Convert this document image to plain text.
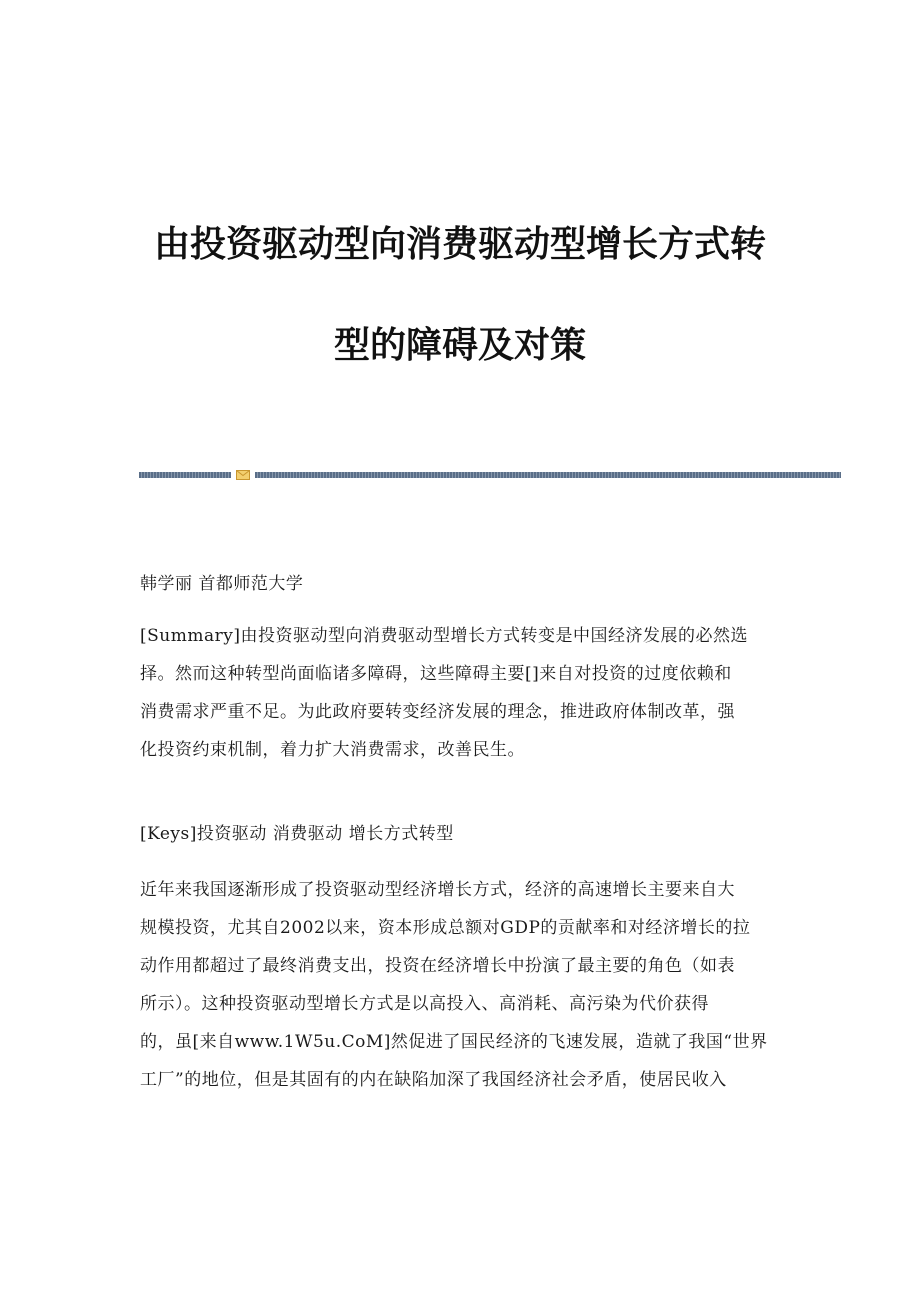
由投资驱动型向消费驱动型增长方式转
型的障碍及对策
韩学丽 首都师范大学
[Summary]由投资驱动型向消费驱动型增长方式转变是中国经济发展的必然选
择。然而这种转型尚面临诸多障碍，这些障碍主要[]来自对投资的过度依赖和
消费需求严重不足。为此政府要转变经济发展的理念，推进政府体制改革，强
化投资约束机制，着力扩大消费需求，改善民生。
[Keys]投资驱动 消费驱动 增长方式转型
近年来我国逐渐形成了投资驱动型经济增长方式，经济的高速增长主要来自大
规模投资，尤其自2002以来，资本形成总额对GDP的贡献率和对经济增长的拉
动作用都超过了最终消费支出，投资在经济增长中扮演了最主要的角色（如表
所示）。这种投资驱动型增长方式是以高投入、高消耗、高污染为代价获得
的，虽[来自www.1W5u.CoM]然促进了国民经济的飞速发展，造就了我国“世界
工厂”的地位，但是其固有的内在缺陷加深了我国经济社会矛盾，使居民收入
